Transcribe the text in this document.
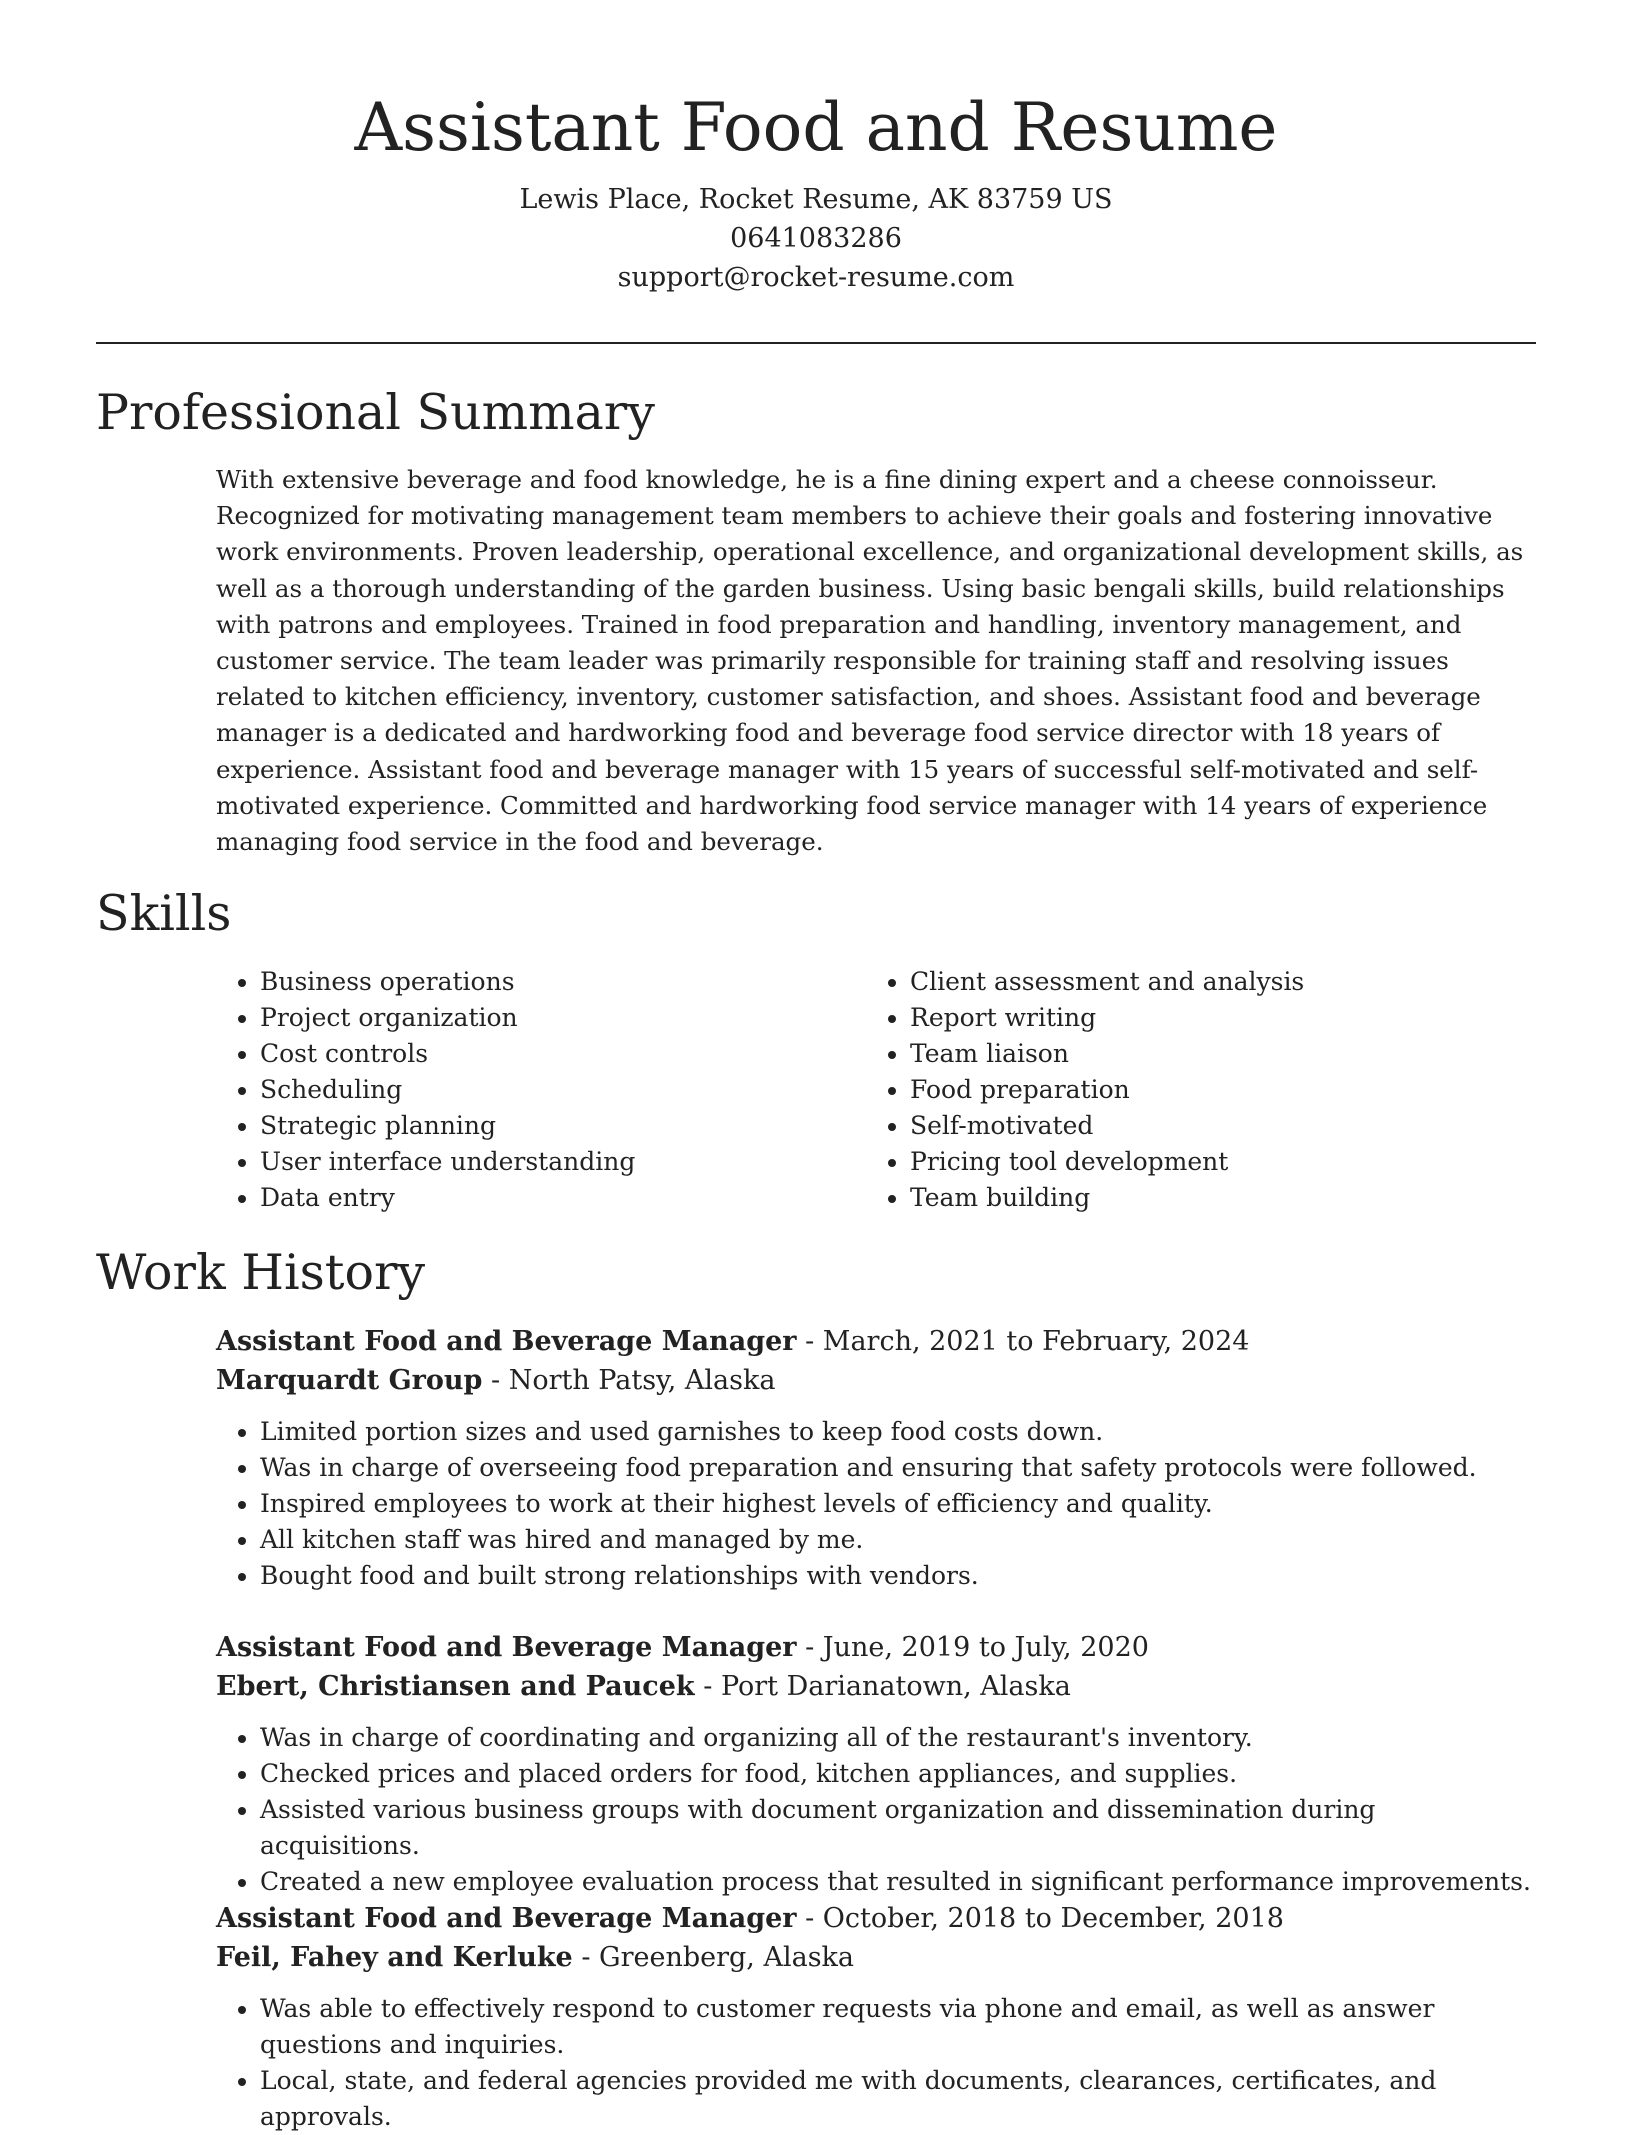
Assistant Food and Resume

Lewis Place, Rocket Resume, AK 83759 US

0641083286

support@rocket-resume.com

Professional Summary

With extensive beverage and food knowledge, he is a fine dining expert and a cheese connoisseur. Recognized for motivating management team members to achieve their goals and fostering innovative work environments. Proven leadership, operational excellence, and organizational development skills, as well as a thorough understanding of the garden business. Using basic bengali skills, build relationships with patrons and employees. Trained in food preparation and handling, inventory management, and customer service. The team leader was primarily responsible for training staff and resolving issues related to kitchen efficiency, inventory, customer satisfaction, and shoes. Assistant food and beverage manager is a dedicated and hardworking food and beverage food service director with 18 years of experience. Assistant food and beverage manager with 15 years of successful self-motivated and self-motivated experience. Committed and hardworking food service manager with 14 years of experience managing food service in the food and beverage.

Skills
• Business operations
• Project organization
• Cost controls
• Scheduling
• Strategic planning
• User interface understanding
• Data entry
• Client assessment and analysis
• Report writing
• Team liaison
• Food preparation
• Self-motivated
• Pricing tool development
• Team building
Work History

Assistant Food and Beverage Manager - March, 2021 to February, 2024

Marquardt Group - North Patsy, Alaska

• Limited portion sizes and used garnishes to keep food costs down.
• Was in charge of overseeing food preparation and ensuring that safety protocols were followed.
• Inspired employees to work at their highest levels of efficiency and quality.
• All kitchen staff was hired and managed by me.
• Bought food and built strong relationships with vendors.

Assistant Food and Beverage Manager - June, 2019 to July, 2020

Ebert, Christiansen and Paucek - Port Darianatown, Alaska

• Was in charge of coordinating and organizing all of the restaurant's inventory.
• Checked prices and placed orders for food, kitchen appliances, and supplies.
• Assisted various business groups with document organization and dissemination during acquisitions.
• Created a new employee evaluation process that resulted in significant performance improvements.

Assistant Food and Beverage Manager - October, 2018 to December, 2018

Feil, Fahey and Kerluke - Greenberg, Alaska

• Was able to effectively respond to customer requests via phone and email, as well as answer questions and inquiries.
• Local, state, and federal agencies provided me with documents, clearances, certificates, and approvals.
